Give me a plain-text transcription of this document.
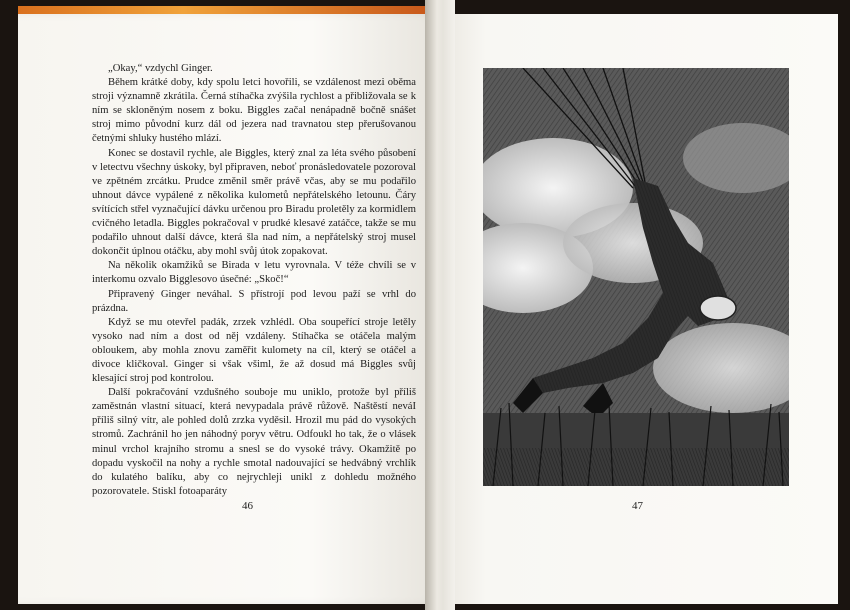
„Okay,“ vzdychl Ginger.

Během krátké doby, kdy spolu letci hovořili, se vzdálenost mezi oběma stroji významně zkrátila. Černá stíhačka zvýšila rychlost a přibližovala se k ním se skloněným nosem z boku. Biggles začal nenápadně bočně snášet stroj mimo původní kurz dál od jezera nad travnatou step přerušovanou četnými shluky hustého mlází.

Konec se dostavil rychle, ale Biggles, který znal za léta svého působení v letectvu všechny úskoky, byl připraven, neboť pronásledovatele pozoroval ve zpětném zrcátku. Prudce změnil směr právě včas, aby se mu podařilo uhnout dávce vypálené z několika kulometů nepřátelského letounu. Čáry svítících střel vyznačující dávku určenou pro Biradu proletěly za kormidlem cvičného letadla. Biggles pokračoval v prudké klesavé zatáčce, takže se mu podařilo uhnout další dávce, která šla nad ním, a nepřátelský stroj musel dokončit úplnou otáčku, aby mohl svůj útok zopakovat.

Na několik okamžiků se Birada v letu vyrovnala. V téže chvíli se v interkomu ozvalo Bigglesovo úsečné: „Skoč!“

Připravený Ginger neváhal. S přístrojí pod levou paží se vrhl do prázdna.

Když se mu otevřel padák, zrzek vzhlédl. Oba soupeřící stroje letěly vysoko nad ním a dost od něj vzdáleny. Stíhačka se otáčela malým obloukem, aby mohla znovu zaměřit kulomety na cíl, který se otáčel a divoce kličkoval. Ginger si však všiml, že až dosud má Biggles svůj klesající stroj pod kontrolou.

Další pokračování vzdušného souboje mu uniklo, protože byl příliš zaměstnán vlastní situací, která nevypadala právě růžově. Naštěstí neváI příliš silný vítr, ale pohled dolů zrzka vyděsil. Hrozil mu pád do vysokých stromů. Zachránil ho jen náhodný poryv větru. Odfoukl ho tak, že o vlásek minul vrchol krajního stromu a snesl se do vysoké trávy. Okamžitě po dopadu vyskočil na nohy a rychle smotal nadouvající se hedvábný vrchlík do kulatého balíku, aby co nejrychleji unikl z dohledu možného pozorovatele. Stiskl fotoaparáty

46	47
